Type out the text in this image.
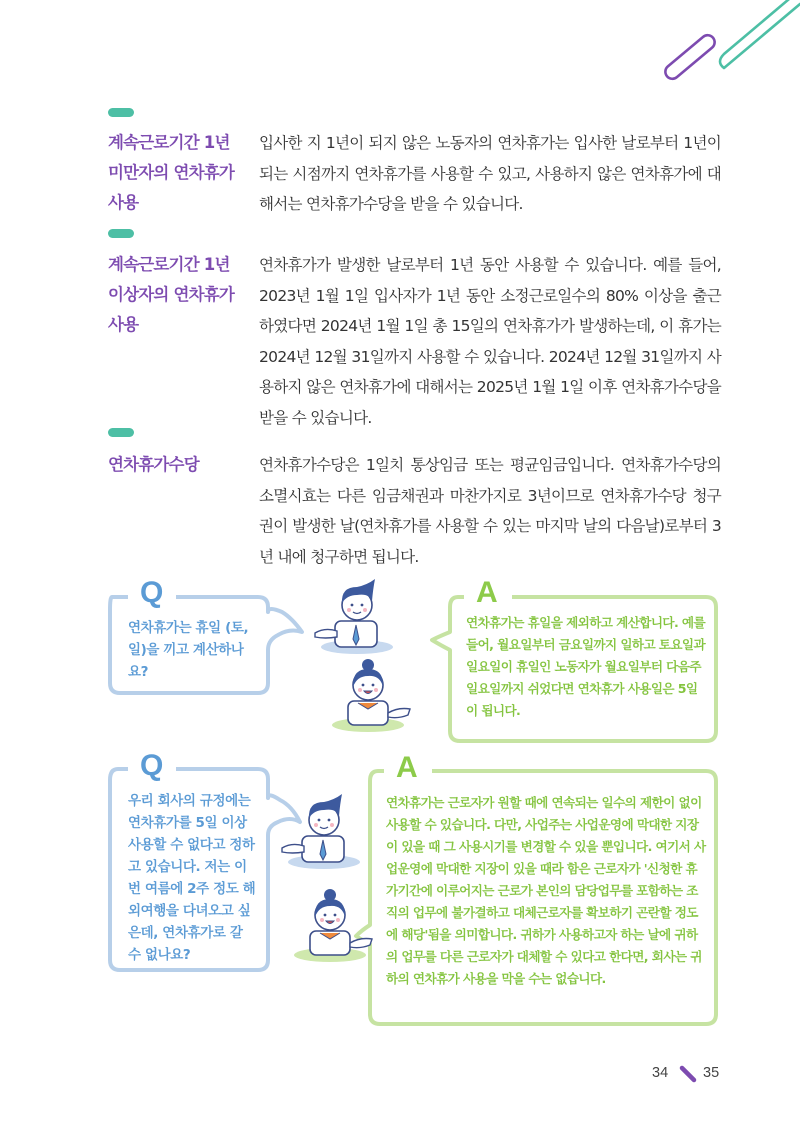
계속근로기간 1년
미만자의 연차휴가
사용
입사한 지 1년이 되지 않은 노동자의 연차휴가는 입사한 날로부터 1년이 되는 시점까지 연차휴가를 사용할 수 있고, 사용하지 않은 연차휴가에 대해서는 연차휴가수당을 받을 수 있습니다.
계속근로기간 1년
이상자의 연차휴가
사용
연차휴가가 발생한 날로부터 1년 동안 사용할 수 있습니다. 예를 들어, 2023년 1월 1일 입사자가 1년 동안 소정근로일수의 80% 이상을 출근하였다면 2024년 1월 1일 총 15일의 연차휴가가 발생하는데, 이 휴가는 2024년 12월 31일까지 사용할 수 있습니다. 2024년 12월 31일까지 사용하지 않은 연차휴가에 대해서는 2025년 1월 1일 이후 연차휴가수당을 받을 수 있습니다.
연차휴가수당	연차휴가수당은 1일치 통상임금 또는 평균임금입니다. 연차휴가수당의 소멸시효는 다른 임금채권과 마찬가지로 3년이므로 연차휴가수당 청구권이 발생한 날(연차휴가를 사용할 수 있는 마지막 날의 다음날)로부터 3년 내에 청구하면 됩니다.
Q
연차휴가는 휴일 (토, 일)을 끼고 계산하나요?
A
연차휴가는 휴일을 제외하고 계산합니다. 예를 들어, 월요일부터 금요일까지 일하고 토요일과 일요일이 휴일인 노동자가 월요일부터 다음주 일요일까지 쉬었다면 연차휴가 사용일은 5일이 됩니다.
Q
우리 회사의 규정에는 연차휴가를 5일 이상 사용할 수 없다고 정하고 있습니다. 저는 이번 여름에 2주 정도 해외여행을 다녀오고 싶은데, 연차휴가로 갈 수 없나요?
A
연차휴가는 근로자가 원할 때에 연속되는 일수의 제한이 없이 사용할 수 있습니다. 다만, 사업주는 사업운영에 막대한 지장이 있을 때 그 사용시기를 변경할 수 있을 뿐입니다. 여기서 사업운영에 막대한 지장이 있을 때라 함은 근로자가 '신청한 휴가기간에 이루어지는 근로가 본인의 담당업무를 포함하는 조직의 업무에 불가결하고 대체근로자를 확보하기 곤란할 정도에 해당'됨을 의미합니다. 귀하가 사용하고자 하는 날에 귀하의 업무를 다른 근로자가 대체할 수 있다고 한다면, 회사는 귀하의 연차휴가 사용을 막을 수는 없습니다.
34 35
